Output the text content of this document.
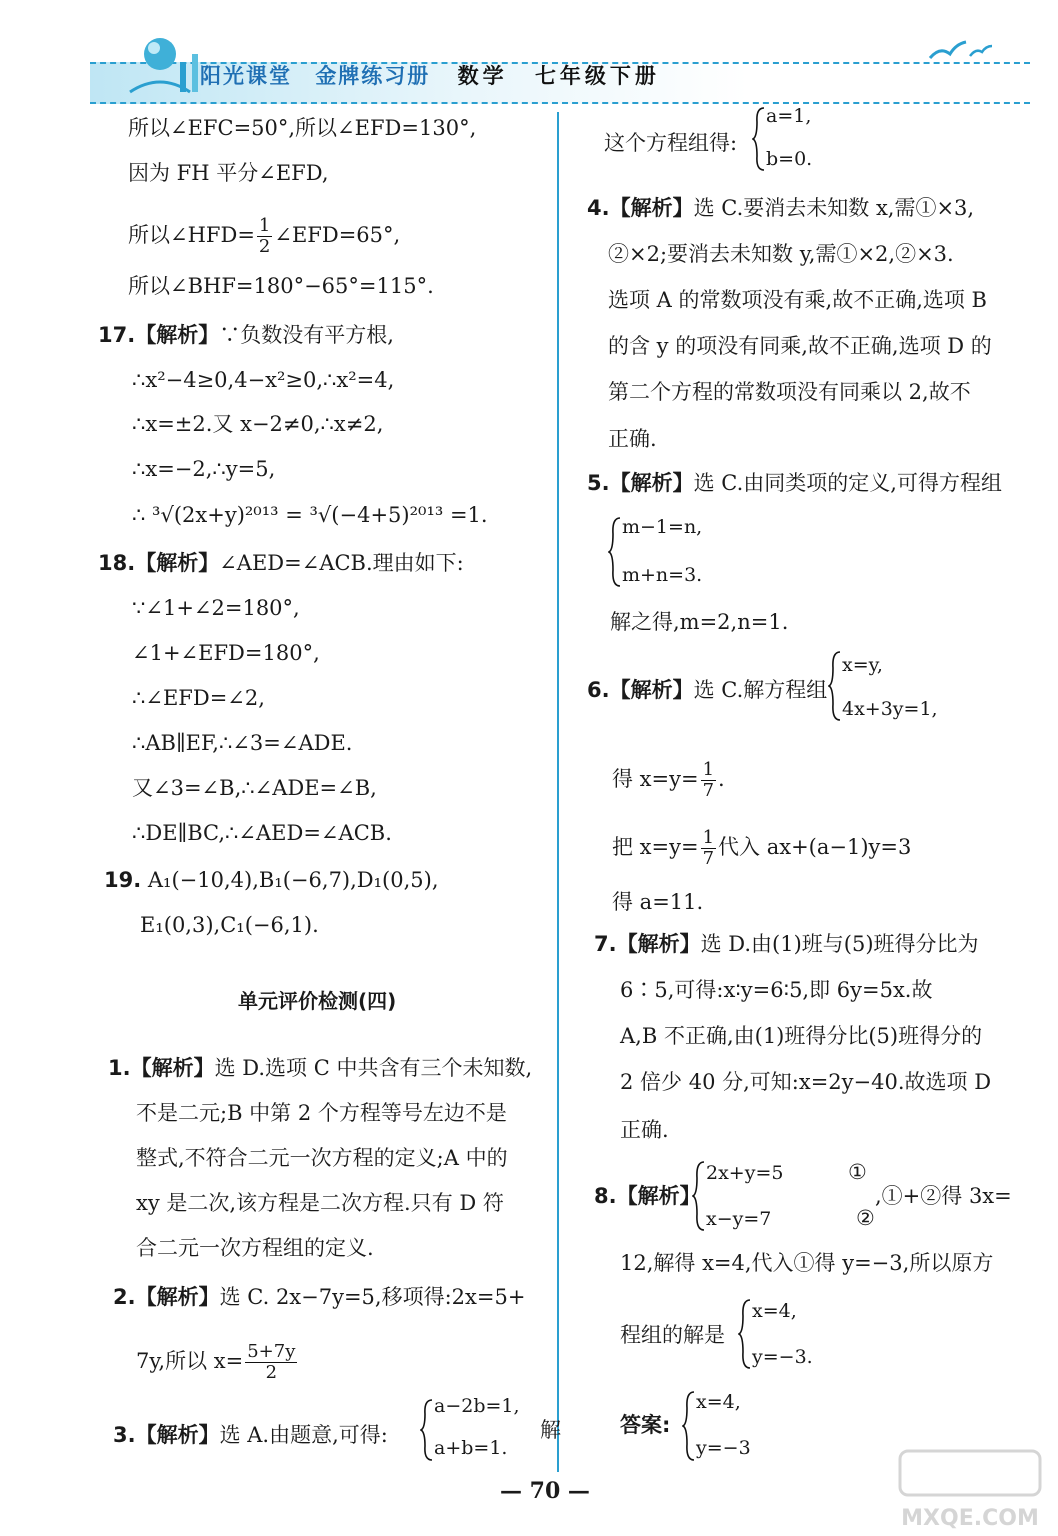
阳光课堂 金牌练习册 数学 七年级下册
所以∠EFC=50°,所以∠EFD=130°,
因为 FH 平分∠EFD,
所以∠HFD= $\frac{1}{2}$ ∠EFD=65°,
所以∠BHF=180°−65°=115°.
17.【解析】∵负数没有平方根,
∴x²−4≥0,4−x²≥0,∴x²=4,
∴x=±2.又 x−2≠0,∴x≠2,
∴x=−2,∴y=5,
∴ ³√(2x+y)²⁰¹³ = ³√(−4+5)²⁰¹³ =1.
18.【解析】∠AED=∠ACB.理由如下:
∵∠1+∠2=180°,
∠1+∠EFD=180°,
∴∠EFD=∠2,
∴AB∥EF,∴∠3=∠ADE.
又∠3=∠B,∴∠ADE=∠B,
∴DE∥BC,∴∠AED=∠ACB.
19. A₁(−10,4),B₁(−6,7),D₁(0,5),
E₁(0,3),C₁(−6,1).
单元评价检测(四)
1.【解析】选 D.选项 C 中共含有三个未知数,
不是二元;B 中第 2 个方程等号左边不是
整式,不符合二元一次方程的定义;A 中的
xy 是二次,该方程是二次方程.只有 D 符
合二元一次方程组的定义.
2.【解析】选 C. 2x−7y=5,移项得:2x=5+
7y,所以 $x= \frac{5+7y}{2}$
3.【解析】选 A.由题意,可得:
a−2b=1,
a+b=1.
解
a=1,
b=0.
这个方程组得:
4.【解析】选 C.要消去未知数 x,需①×3,
②×2;要消去未知数 y,需①×2,②×3.
选项 A 的常数项没有乘,故不正确,选项 B
的含 y 的项没有同乘,故不正确,选项 D 的
第二个方程的常数项没有同乘以 2,故不
正确.
5.【解析】选 C.由同类项的定义,可得方程组
m−1=n,
m+n=3.
解之得,m=2,n=1.
6.【解析】选 C.解方程组
x=y,
4x+3y=1,
得 $x=y= \frac{1}{7}$ .
把 $x=y= \frac{1}{7}$ 代入 ax+(a−1)y=3
得 a=11.
7.【解析】选 D.由(1)班与(5)班得分比为
6∶5,可得:x∶y=6∶5,即 6y=5x.故
A,B 不正确,由(1)班得分比(5)班得分的
2 倍少 40 分,可知:x=2y−40.故选项 D
正确.
8.【解析】
2x+y=5
x−y=7
①
②
,①+②得 3x=
12,解得 x=4,代入①得 y=−3,所以原方
程组的解是
x=4,
y=−3.
答案:
x=4,
y=−3
— 70 —
MXQE.COM
